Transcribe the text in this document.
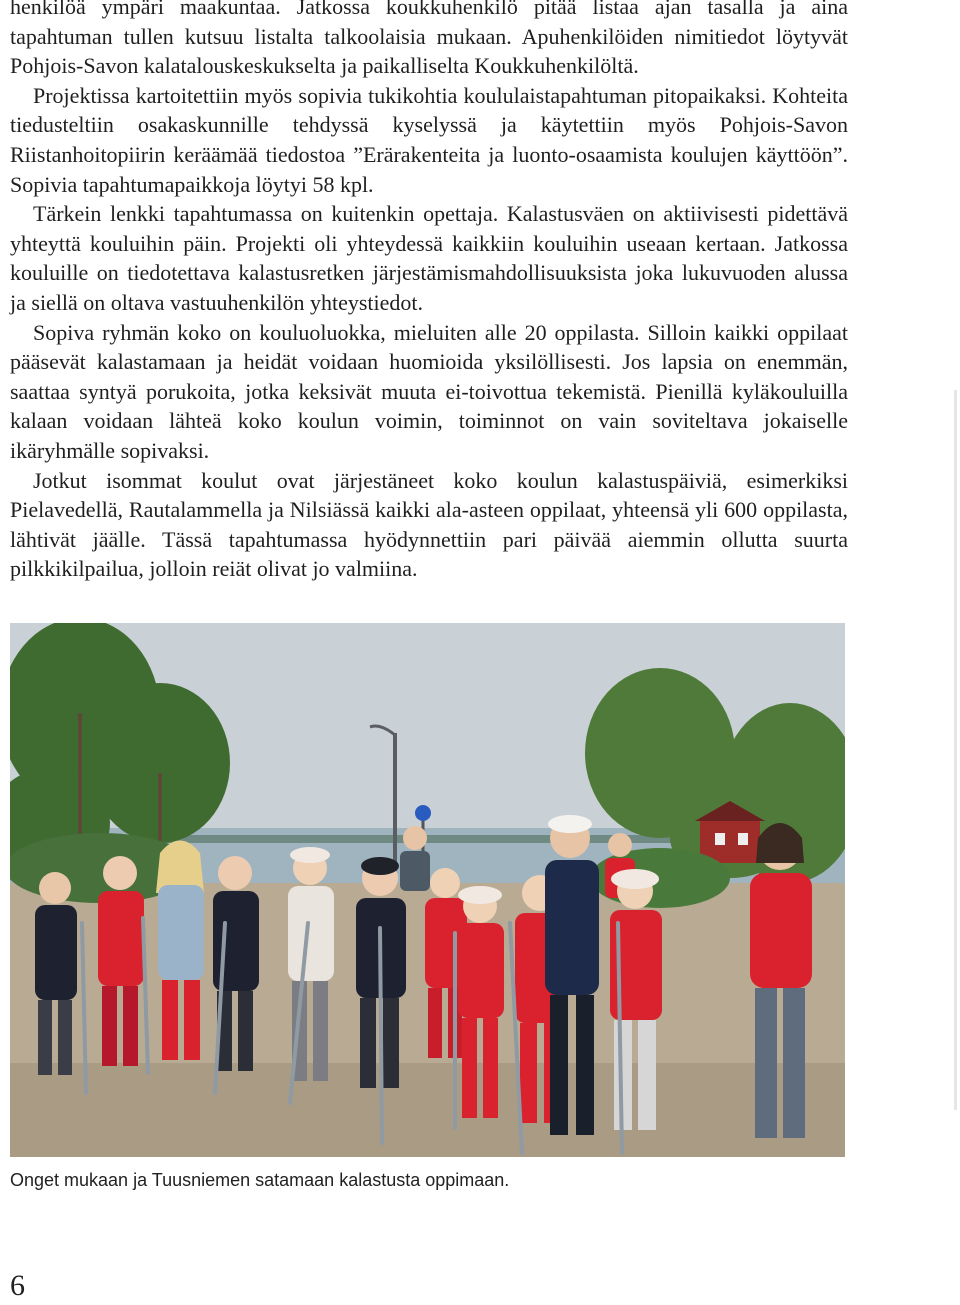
henkilöä ympäri maakuntaa. Jatkossa koukkuhenkilö pitää listaa ajan tasalla ja aina tapahtuman tullen kutsuu listalta talkoolaisia mukaan. Apuhenkilöiden nimitiedot löytyvät Pohjois-Savon kalatalouskeskukselta ja paikalliselta Koukkuhenkilöltä.

Projektissa kartoitettiin myös sopivia tukikohtia koululaistapahtuman pitopaikaksi. Kohteita tiedusteltiin osakaskunnille tehdyssä kyselyssä ja käytettiin myös Pohjois-Savon Riistanhoitopiirin keräämää tiedostoa ”Erärakenteita ja luonto-osaamista koulujen käyttöön”. Sopivia tapahtumapaikkoja löytyi 58 kpl.

Tärkein lenkki tapahtumassa on kuitenkin opettaja. Kalastusväen on aktiivisesti pidettävä yhteyttä kouluihin päin. Projekti oli yhteydessä kaikkiin kouluihin useaan kertaan. Jatkossa kouluille on tiedotettava kalastusretken järjestämismahdollisuuksista joka lukuvuoden alussa ja siellä on oltava vastuuhenkilön yhteystiedot.

Sopiva ryhmän koko on kouluoluokka, mieluiten alle 20 oppilasta. Silloin kaikki oppilaat pääsevät kalastamaan ja heidät voidaan huomioida yksilöllisesti. Jos lapsia on enemmän, saattaa syntyä porukoita, jotka keksivät muuta ei-toivottua tekemistä. Pienillä kyläkouluilla kalaan voidaan lähteä koko koulun voimin, toiminnot on vain soviteltava jokaiselle ikäryhmälle sopivaksi.

Jotkut isommat koulut ovat järjestäneet koko koulun kalastuspäiviä, esimerkiksi Pielavedellä, Rautalammella ja Nilsiässä kaikki ala-asteen oppilaat, yhteensä yli 600 oppilasta, lähtivät jäälle. Tässä tapahtumassa hyödynnettiin pari päivää aiemmin ollutta suurta pilkkikilpailua, jolloin reiät olivat jo valmiina.

Onget mukaan ja Tuusniemen satamaan kalastusta oppimaan.
6
